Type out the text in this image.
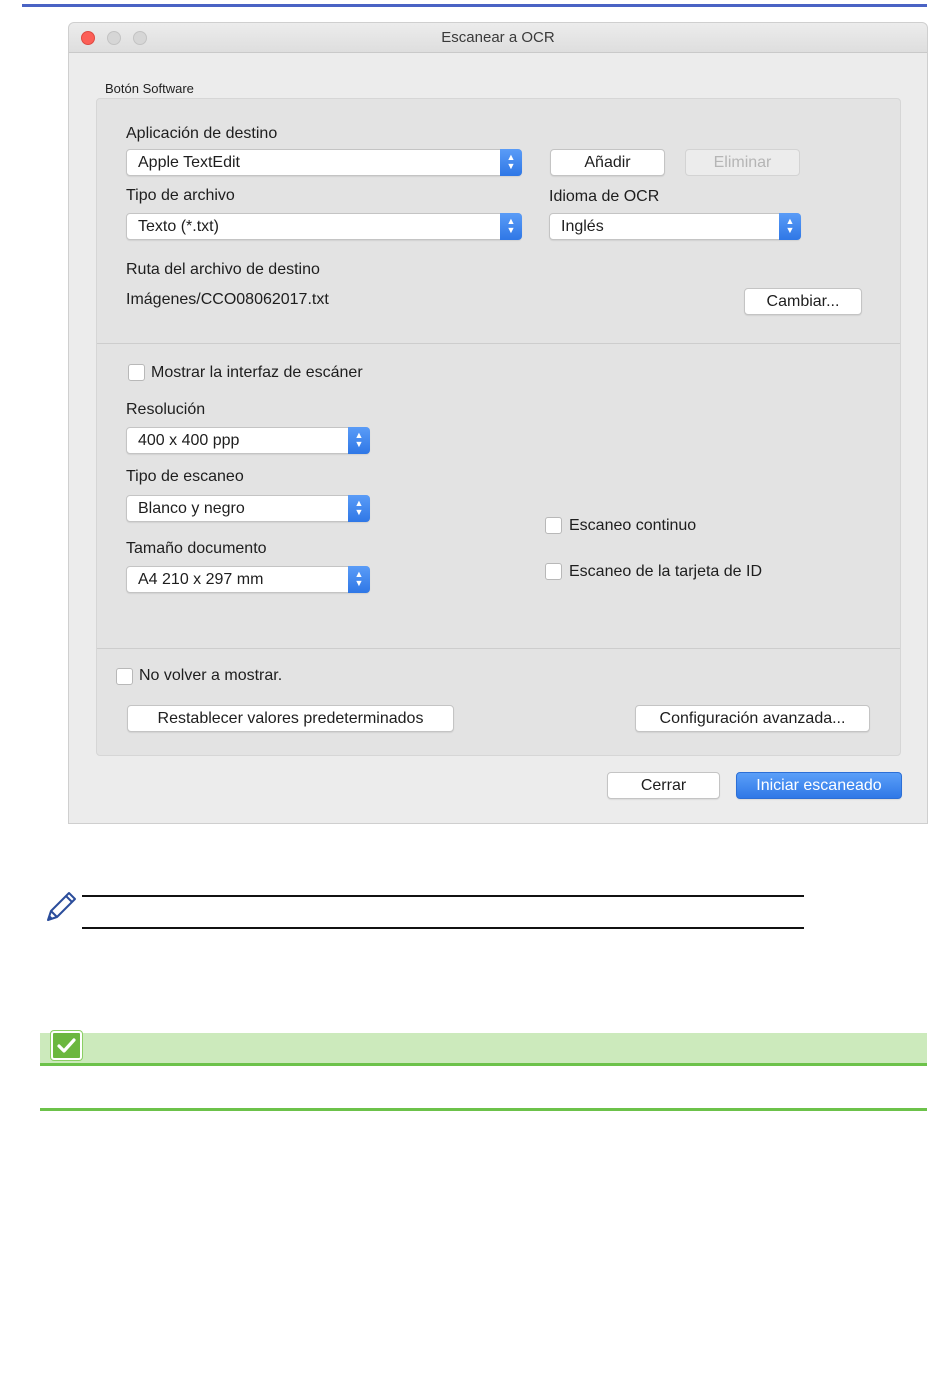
Escanear a OCR
Botón Software
Aplicación de destino
Apple TextEdit	▲
▼	Añadir	Eliminar
Tipo de archivo
Texto (*.txt)	▲
▼
Idioma de OCR
Inglés	▲
▼
Ruta del archivo de destino
Imágenes/CCO08062017.txt	Cambiar...
Mostrar la interfaz de escáner
Resolución
400 x 400 ppp	▲
▼
Tipo de escaneo
Blanco y negro	▲
▼
Tamaño documento
A4 210 x 297 mm	▲
▼
Escaneo continuo
Escaneo de la tarjeta de ID
No volver a mostrar.
Restablecer valores predeterminados	Configuración avanzada...
Cerrar	Iniciar escaneado
